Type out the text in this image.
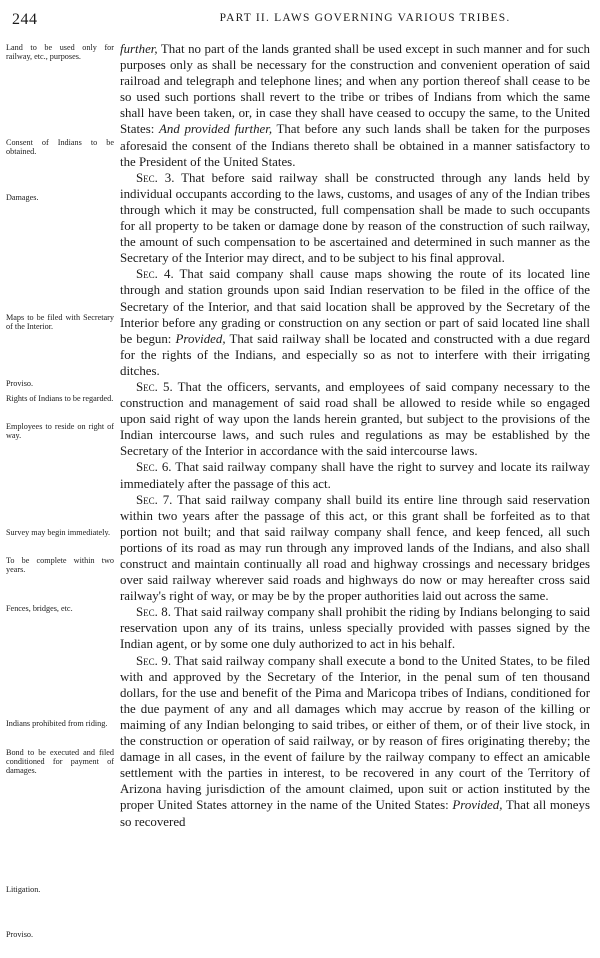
244	PART II. LAWS GOVERNING VARIOUS TRIBES.
Land to be used only for railway, etc., purposes.
Consent of Indians to be obtained.
Damages.
Maps to be filed with Secretary of the Interior.
Proviso.
Rights of Indians to be regarded.
Employees to reside on right of way.
Survey may begin immediately.
To be complete within two years.
Fences, bridges, etc.
Indians prohibited from riding.
Bond to be executed and filed conditioned for payment of damages.
Litigation.
Proviso.

further, That no part of the lands granted shall be used except in such manner and for such purposes only as shall be necessary for the construction and convenient operation of said railroad and telegraph and telephone lines; and when any portion thereof shall cease to be so used such portions shall revert to the tribe or tribes of Indians from which the same shall have been taken, or, in case they shall have ceased to occupy the same, to the United States: And provided further, That before any such lands shall be taken for the purposes aforesaid the consent of the Indians thereto shall be obtained in a manner satisfactory to the President of the United States.

Sec. 3. That before said railway shall be constructed through any lands held by individual occupants according to the laws, customs, and usages of any of the Indian tribes through which it may be constructed, full compensation shall be made to such occupants for all property to be taken or damage done by reason of the construction of such railway, the amount of such compensation to be ascertained and determined in such manner as the Secretary of the Interior may direct, and to be subject to his final approval.

Sec. 4. That said company shall cause maps showing the route of its located line through and station grounds upon said Indian reservation to be filed in the office of the Secretary of the Interior, and that said location shall be approved by the Secretary of the Interior before any grading or construction on any section or part of said located line shall be begun: Provided, That said railway shall be located and constructed with a due regard for the rights of the Indians, and especially so as not to interfere with their irrigating ditches.

Sec. 5. That the officers, servants, and employees of said company necessary to the construction and management of said road shall be allowed to reside while so engaged upon said right of way upon the lands herein granted, but subject to the provisions of the Indian intercourse laws, and such rules and regulations as may be established by the Secretary of the Interior in accordance with the said intercourse laws.

Sec. 6. That said railway company shall have the right to survey and locate its railway immediately after the passage of this act.

Sec. 7. That said railway company shall build its entire line through said reservation within two years after the passage of this act, or this grant shall be forfeited as to that portion not built; and that said railway company shall fence, and keep fenced, all such portions of its road as may run through any improved lands of the Indians, and also shall construct and maintain continually all road and highway crossings and necessary bridges over said railway wherever said roads and highways do now or may hereafter cross said railway's right of way, or may be by the proper authorities laid out across the same.

Sec. 8. That said railway company shall prohibit the riding by Indians belonging to said reservation upon any of its trains, unless specially provided with passes signed by the Indian agent, or by some one duly authorized to act in his behalf.

Sec. 9. That said railway company shall execute a bond to the United States, to be filed with and approved by the Secretary of the Interior, in the penal sum of ten thousand dollars, for the use and benefit of the Pima and Maricopa tribes of Indians, conditioned for the due payment of any and all damages which may accrue by reason of the killing or maiming of any Indian belonging to said tribes, or either of them, or of their live stock, in the construction or operation of said railway, or by reason of fires originating thereby; the damage in all cases, in the event of failure by the railway company to effect an amicable settlement with the parties in interest, to be recovered in any court of the Territory of Arizona having jurisdiction of the amount claimed, upon suit or action instituted by the proper United States attorney in the name of the United States: Provided, That all moneys so recovered
